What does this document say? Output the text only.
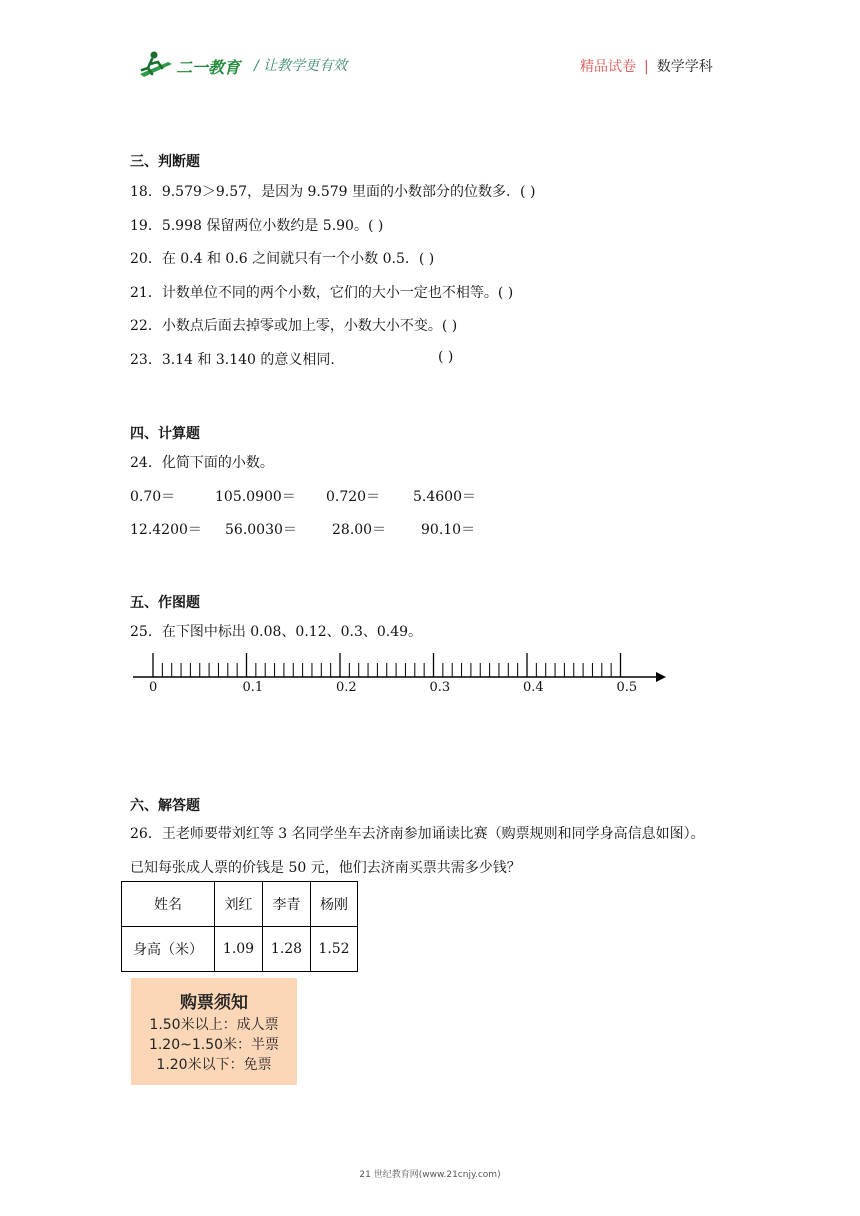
二一教育 / 让教学更有效	精品试卷 | 数学学科
三、判断题
18．9.579＞9.57，是因为 9.579 里面的小数部分的位数多．( )
19．5.998 保留两位小数约是 5.90。( )
20．在 0.4 和 0.6 之间就只有一个小数 0.5．( )
21．计数单位不同的两个小数，它们的大小一定也不相等。( )
22．小数点后面去掉零或加上零，小数大小不变。( )
23．3.14 和 3.140 的意义相同.	( )
四、计算题
24．化简下面的小数。
0.70＝	105.0900＝ 0.720＝ 5.4600＝
12.4200＝ 56.0030＝	28.00＝ 90.10＝
五、作图题
25．在下图中标出 0.08、0.12、0.3、0.49。
0	0.1	0.2	0.3	0.4	0.5
六、解答题
26．王老师要带刘红等 3 名同学坐车去济南参加诵读比赛（购票规则和同学身高信息如图）。
已知每张成人票的价钱是 50 元，他们去济南买票共需多少钱？
姓名	刘红	李青	杨刚
身高（米）	1.09	1.28	1.52
购票须知
1.50米以上：成人票
1.20~1.50米：半票
1.20米以下：免票
21 世纪教育网(www.21cnjy.com)
